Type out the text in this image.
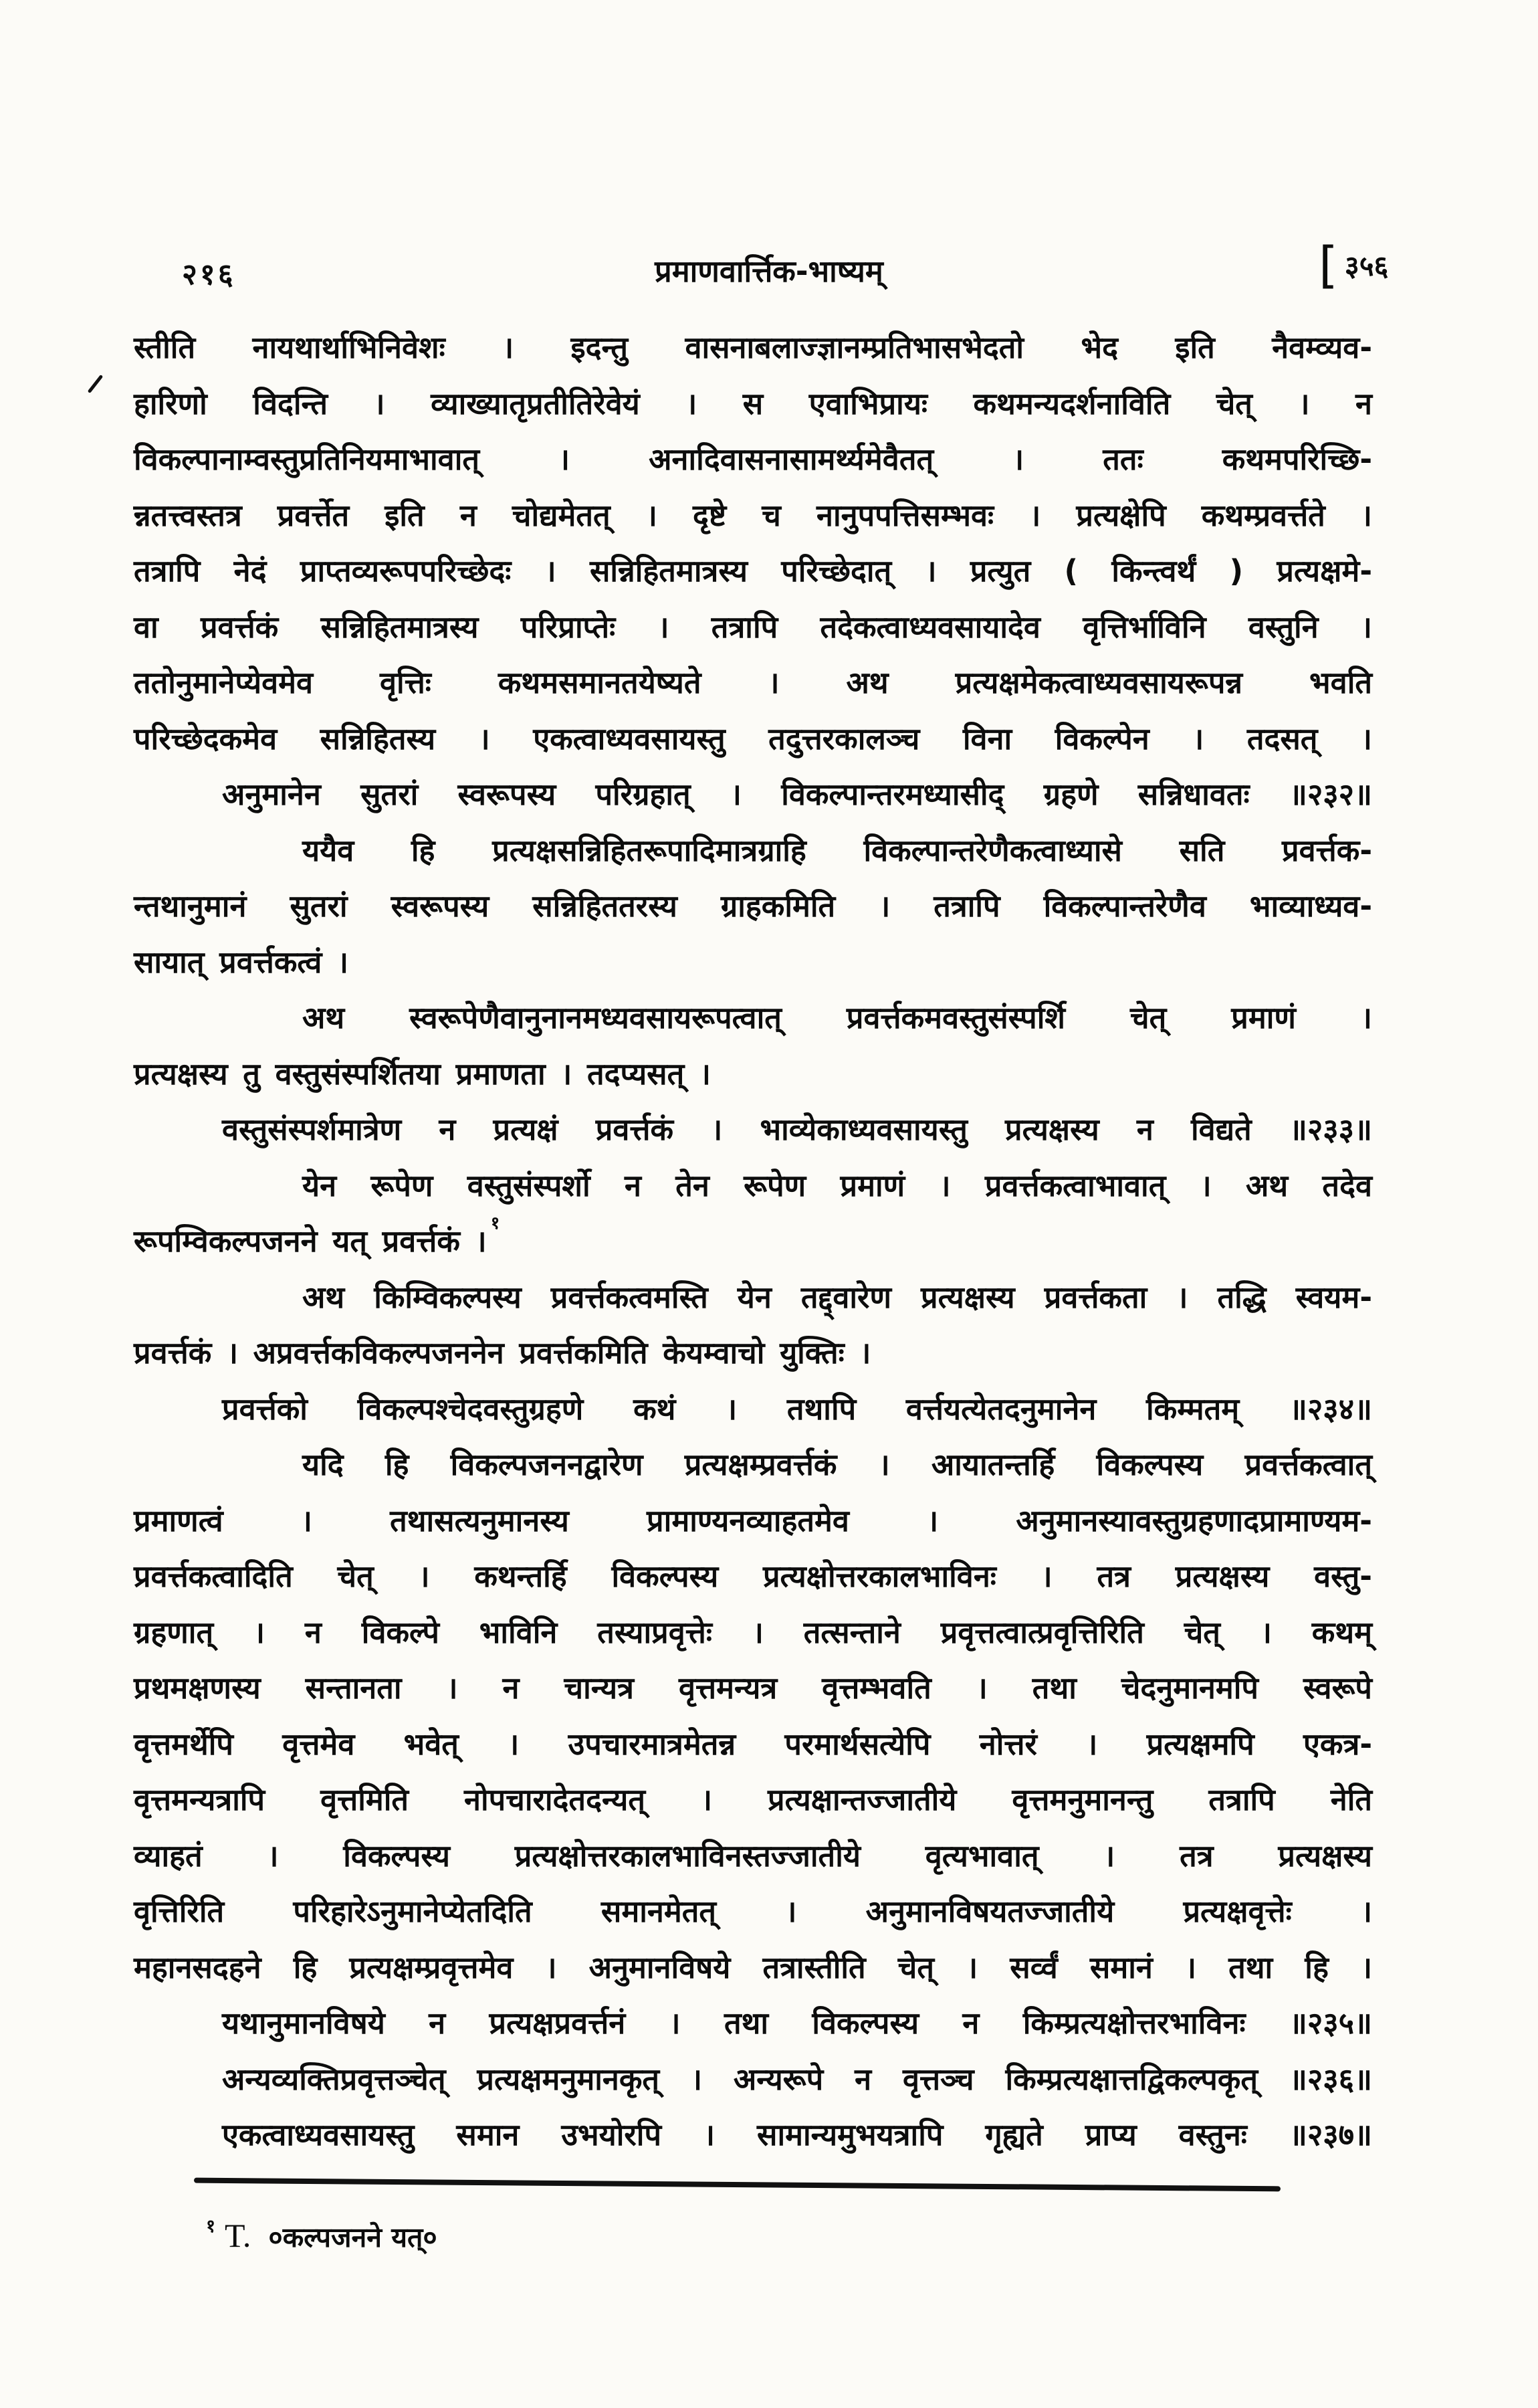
२१६	प्रमाणवार्त्तिक-भाष्यम्	[ ३५६
स्तीति नायथार्थाभिनिवेशः । इदन्तु वासनाबलाज्ज्ञानम्प्रतिभासभेदतो भेद इति नैवम्व्यव-
हारिणो विदन्ति । व्याख्यातृप्रतीतिरेवेयं । स एवाभिप्रायः कथमन्यदर्शनाविति चेत् । न
विकल्पानाम्वस्तुप्रतिनियमाभावात् । अनादिवासनासामर्थ्यमेवैतत् । ततः कथमपरिच्छि-
न्नतत्त्वस्तत्र प्रवर्त्तेत इति न चोद्यमेतत् । दृष्टे च नानुपपत्तिसम्भवः । प्रत्यक्षेपि कथम्प्रवर्त्तते ।
तत्रापि नेदं प्राप्तव्यरूपपरिच्छेदः । सन्निहितमात्रस्य परिच्छेदात् । प्रत्युत ( किन्त्वर्थं ) प्रत्यक्षमे-
वा प्रवर्त्तकं सन्निहितमात्रस्य परिप्राप्तेः । तत्रापि तदेकत्वाध्यवसायादेव वृत्तिर्भाविनि वस्तुनि ।
ततोनुमानेप्येवमेव वृत्तिः कथमसमानतयेष्यते । अथ प्रत्यक्षमेकत्वाध्यवसायरूपन्न भवति
परिच्छेदकमेव सन्निहितस्य । एकत्वाध्यवसायस्तु तदुत्तरकालञ्च विना विकल्पेन । तदसत् ।
अनुमानेन सुतरां स्वरूपस्य परिग्रहात् । विकल्पान्तरमध्यासीद् ग्रहणे सन्निधावतः ॥२३२॥
ययैव हि प्रत्यक्षसन्निहितरूपादिमात्रग्राहि विकल्पान्तरेणैकत्वाध्यासे सति प्रवर्त्तक-
न्तथानुमानं सुतरां स्वरूपस्य सन्निहिततरस्य ग्राहकमिति । तत्रापि विकल्पान्तरेणैव भाव्याध्यव-
सायात् प्रवर्त्तकत्वं ।
अथ स्वरूपेणैवानुनानमध्यवसायरूपत्वात् प्रवर्त्तकमवस्तुसंस्पर्शि चेत् प्रमाणं ।
प्रत्यक्षस्य तु वस्तुसंस्पर्शितया प्रमाणता । तदप्यसत् ।
वस्तुसंस्पर्शमात्रेण न प्रत्यक्षं प्रवर्त्तकं । भाव्येकाध्यवसायस्तु प्रत्यक्षस्य न विद्यते ॥२३३॥
येन रूपेण वस्तुसंस्पर्शो न तेन रूपेण प्रमाणं । प्रवर्त्तकत्वाभावात् । अथ तदेव
रूपम्विकल्पजनने यत् प्रवर्त्तकं । $^१$
अथ किम्विकल्पस्य प्रवर्त्तकत्वमस्ति येन तद्द्वारेण प्रत्यक्षस्य प्रवर्त्तकता । तद्धि स्वयम-
प्रवर्त्तकं । अप्रवर्त्तकविकल्पजननेन प्रवर्त्तकमिति केयम्वाचो युक्तिः ।
प्रवर्त्तको विकल्पश्चेदवस्तुग्रहणे कथं । तथापि वर्त्तयत्येतदनुमानेन किम्मतम् ॥२३४॥
यदि हि विकल्पजननद्वारेण प्रत्यक्षम्प्रवर्त्तकं । आयातन्तर्हि विकल्पस्य प्रवर्त्तकत्वात्
प्रमाणत्वं । तथासत्यनुमानस्य प्रामाण्यनव्याहतमेव । अनुमानस्यावस्तुग्रहणादप्रामाण्यम-
प्रवर्त्तकत्वादिति चेत् । कथन्तर्हि विकल्पस्य प्रत्यक्षोत्तरकालभाविनः । तत्र प्रत्यक्षस्य वस्तु-
ग्रहणात् । न विकल्पे भाविनि तस्याप्रवृत्तेः । तत्सन्ताने प्रवृत्तत्वात्प्रवृत्तिरिति चेत् । कथम्
प्रथमक्षणस्य सन्तानता । न चान्यत्र वृत्तमन्यत्र वृत्तम्भवति । तथा चेदनुमानमपि स्वरूपे
वृत्तमर्थेपि वृत्तमेव भवेत् । उपचारमात्रमेतन्न परमार्थसत्येपि नोत्तरं । प्रत्यक्षमपि एकत्र-
वृत्तमन्यत्रापि वृत्तमिति नोपचारादेतदन्यत् । प्रत्यक्षान्तज्जातीये वृत्तमनुमानन्तु तत्रापि नेति
व्याहतं । विकल्पस्य प्रत्यक्षोत्तरकालभाविनस्तज्जातीये वृत्यभावात् । तत्र प्रत्यक्षस्य
वृत्तिरिति परिहारेऽनुमानेप्येतदिति समानमेतत् । अनुमानविषयतज्जातीये प्रत्यक्षवृत्तेः ।
महानसदहने हि प्रत्यक्षम्प्रवृत्तमेव । अनुमानविषये तत्रास्तीति चेत् । सर्व्वं समानं । तथा हि ।
यथानुमानविषये न प्रत्यक्षप्रवर्त्तनं । तथा विकल्पस्य न किम्प्रत्यक्षोत्तरभाविनः ॥२३५॥
अन्यव्यक्तिप्रवृत्तञ्चेत् प्रत्यक्षमनुमानकृत् । अन्यरूपे न वृत्तञ्च किम्प्रत्यक्षात्तद्विकल्पकृत् ॥२३६॥
एकत्वाध्यवसायस्तु समान उभयोरपि । सामान्यमुभयत्रापि गृह्यते प्राप्य वस्तुनः ॥२३७॥
$^१$ T. ०कल्पजनने यत्०
